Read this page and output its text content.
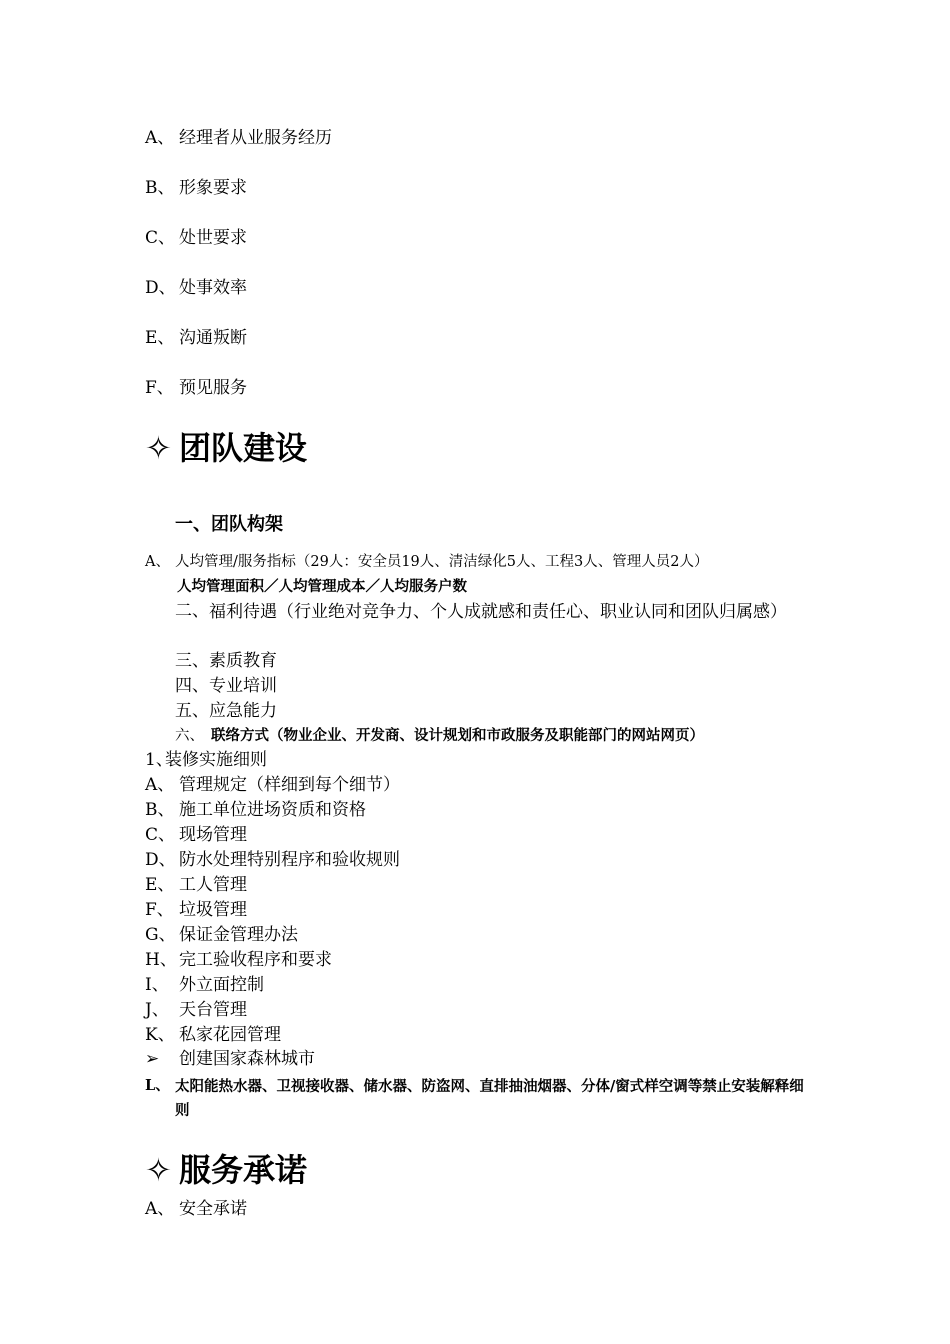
A、 经理者从业服务经历
B、 形象要求
C、 处世要求
D、 处事效率
E、 沟通叛断
F、 预见服务
✧ 团队建设
一、团队构架
A、 人均管理/服务指标（29人：安全员19人、清洁绿化5人、工程3人、管理人员2人）
人均管理面积／人均管理成本／人均服务户数
二、 福利待遇（行业绝对竞争力、个人成就感和责任心、职业认同和团队归属感）
三、素质教育
四、专业培训
五、应急能力
六、 联络方式（物业企业、开发商、设计规划和市政服务及职能部门的网站网页）
1、装修实施细则
A、 管理规定（样细到每个细节）
B、 施工单位进场资质和资格
C、 现场管理
D、 防水处理特别程序和验收规则
E、 工人管理
F、 垃圾管理
G、 保证金管理办法
H、 完工验收程序和要求
I、 外立面控制
J、 天台管理
K、 私家花园管理
➢ 创建国家森林城市
L、 太阳能热水器、卫视接收器、储水器、防盗网、直排抽油烟器、分体/窗式样空调等禁止安装解释细则
✧ 服务承诺
A、 安全承诺
